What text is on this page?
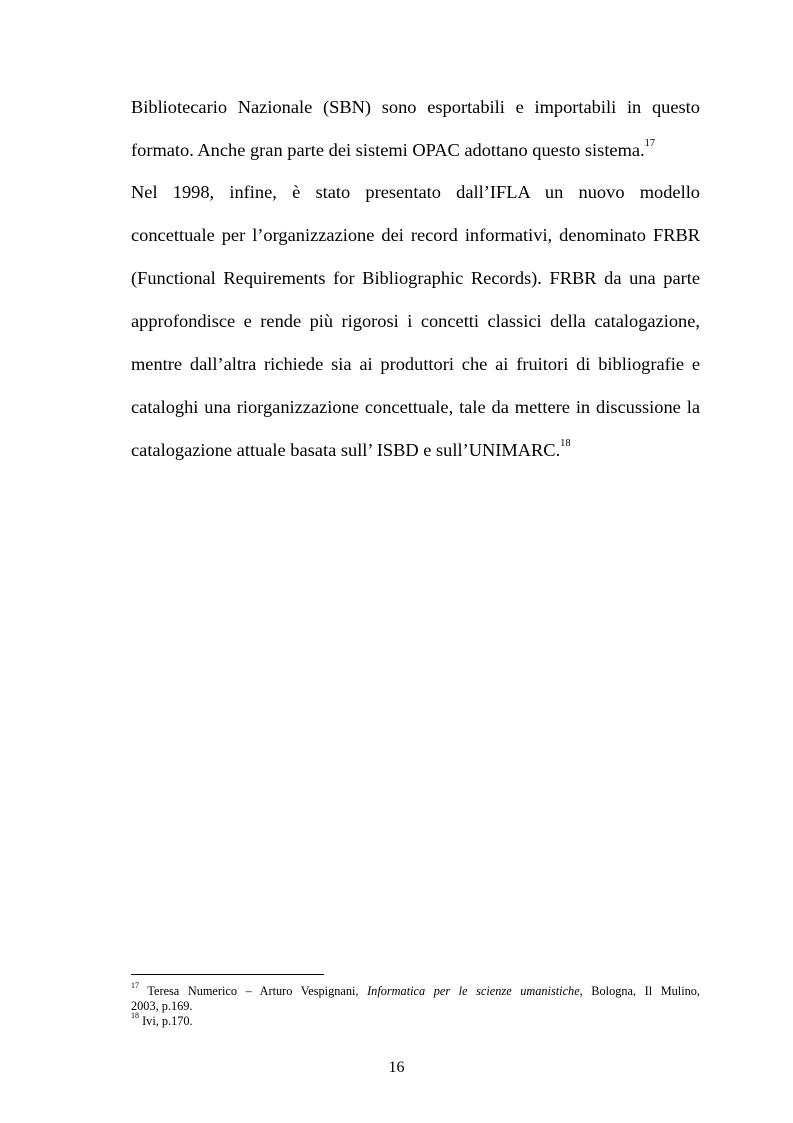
Bibliotecario Nazionale (SBN) sono esportabili e importabili in questo
formato. Anche gran parte dei sistemi OPAC adottano questo sistema.$^{17}$
Nel 1998, infine, è stato presentato dall’IFLA un nuovo modello
concettuale per l’organizzazione dei record informativi, denominato FRBR
(Functional Requirements for Bibliographic Records). FRBR da una parte
approfondisce e rende più rigorosi i concetti classici della catalogazione,
mentre dall’altra richiede sia ai produttori che ai fruitori di bibliografie e
cataloghi una riorganizzazione concettuale, tale da mettere in discussione la
catalogazione attuale basata sull’ ISBD e sull’UNIMARC.$^{18}$
$^{17}$ Teresa Numerico – Arturo Vespignani, Informatica per le scienze umanistiche, Bologna, Il Mulino,
2003, p.169.
$^{18}$ Ivi, p.170.
16
